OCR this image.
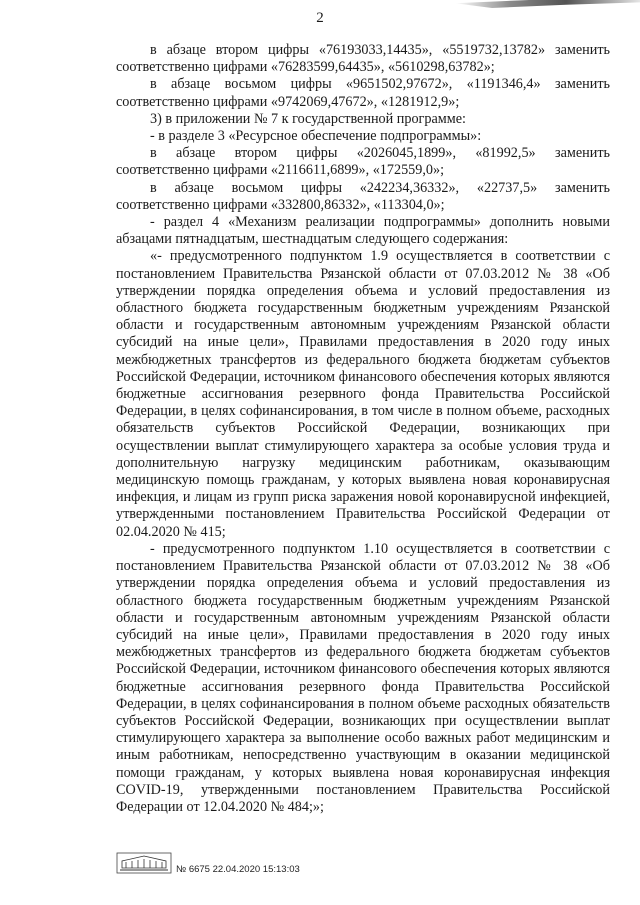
2

в абзаце втором цифры «76193033,14435», «5519732,13782» заменить соответственно цифрами «76283599,64435», «5610298,63782»;

в абзаце восьмом цифры «9651502,97672», «1191346,4» заменить соответственно цифрами «9742069,47672», «1281912,9»;

3) в приложении № 7 к государственной программе:

- в разделе 3 «Ресурсное обеспечение подпрограммы»:

в абзаце втором цифры «2026045,1899», «81992,5» заменить соответственно цифрами «2116611,6899», «172559,0»;

в абзаце восьмом цифры «242234,36332», «22737,5» заменить соответственно цифрами «332800,86332», «113304,0»;

- раздел 4 «Механизм реализации подпрограммы» дополнить новыми абзацами пятнадцатым, шестнадцатым следующего содержания:

«- предусмотренного подпунктом 1.9 осуществляется в соответствии с постановлением Правительства Рязанской области от 07.03.2012 № 38 «Об утверждении порядка определения объема и условий предоставления из областного бюджета государственным бюджетным учреждениям Рязанской области и государственным автономным учреждениям Рязанской области субсидий на иные цели», Правилами предоставления в 2020 году иных межбюджетных трансфертов из федерального бюджета бюджетам субъектов Российской Федерации, источником финансового обеспечения которых являются бюджетные ассигнования резервного фонда Правительства Российской Федерации, в целях софинансирования, в том числе в полном объеме, расходных обязательств субъектов Российской Федерации, возникающих при осуществлении выплат стимулирующего характера за особые условия труда и дополнительную нагрузку медицинским работникам, оказывающим медицинскую помощь гражданам, у которых выявлена новая коронавирусная инфекция, и лицам из групп риска заражения новой коронавирусной инфекцией, утвержденными постановлением Правительства Российской Федерации от 02.04.2020 № 415;

- предусмотренного подпунктом 1.10 осуществляется в соответствии с постановлением Правительства Рязанской области от 07.03.2012 № 38 «Об утверждении порядка определения объема и условий предоставления из областного бюджета государственным бюджетным учреждениям Рязанской области и государственным автономным учреждениям Рязанской области субсидий на иные цели», Правилами предоставления в 2020 году иных межбюджетных трансфертов из федерального бюджета бюджетам субъектов Российской Федерации, источником финансового обеспечения которых являются бюджетные ассигнования резервного фонда Правительства Российской Федерации, в целях софинансирования в полном объеме расходных обязательств субъектов Российской Федерации, возникающих при осуществлении выплат стимулирующего характера за выполнение особо важных работ медицинским и иным работникам, непосредственно участвующим в оказании медицинской помощи гражданам, у которых выявлена новая коронавирусная инфекция COVID-19, утвержденными постановлением Правительства Российской Федерации от 12.04.2020 № 484;»;

№ 6675 22.04.2020 15:13:03
